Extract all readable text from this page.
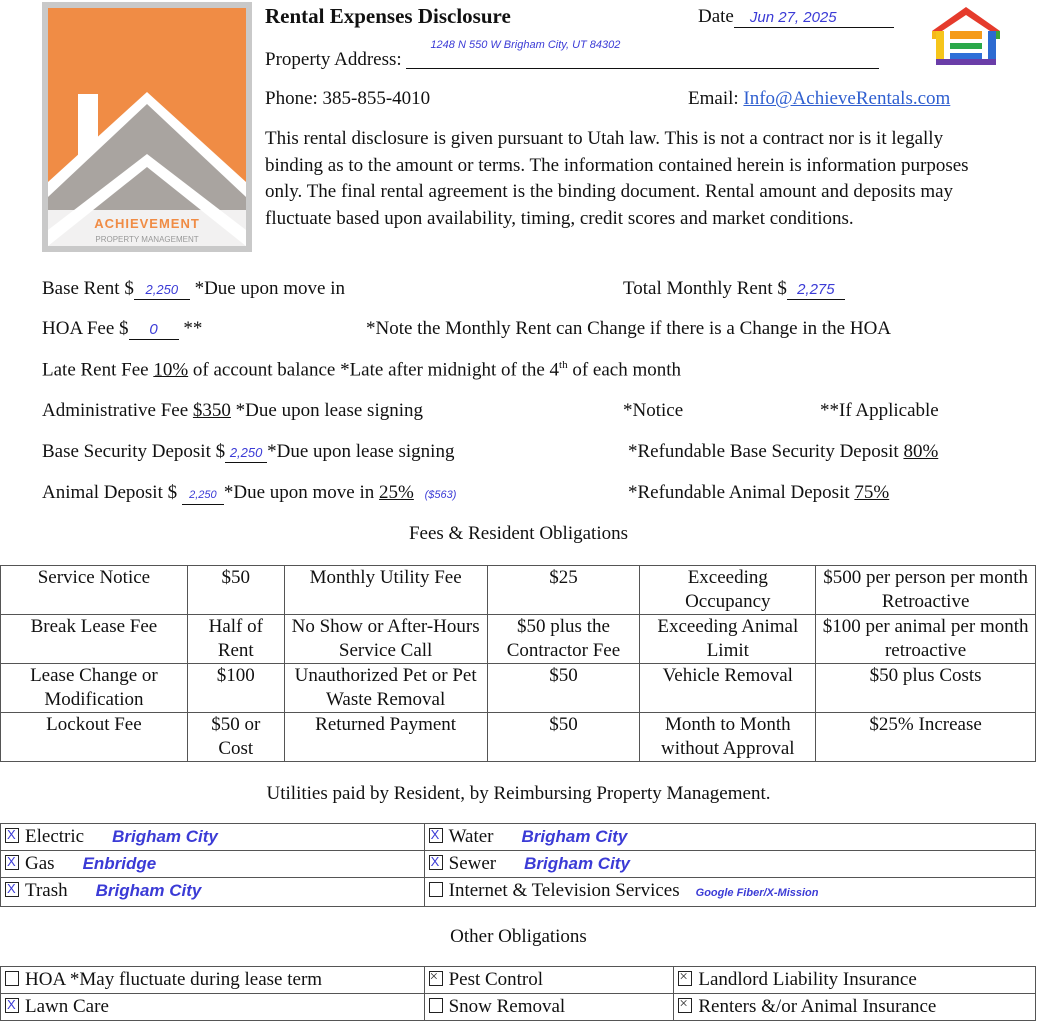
ACHIEVEMENT
PROPERTY MANAGEMENT
Rental Expenses Disclosure	Date Jun 27, 2025
Property Address:
1248 N 550 W Brigham City, UT 84302
Phone: 385-855-4010	Email: Info@AchieveRentals.com
This rental disclosure is given pursuant to Utah law. This is not a contract nor is it legally binding as to the amount or terms. The information contained herein is information purposes only. The final rental agreement is the binding document. Rental amount and deposits may fluctuate based upon availability, timing, credit scores and market conditions.
Base Rent $ 2,250 *Due upon move in	Total Monthly Rent $ 2,275
HOA Fee $ 0 **	*Note the Monthly Rent can Change if there is a Change in the HOA
Late Rent Fee 10% of account balance *Late after midnight of the 4th of each month
Administrative Fee $350 *Due upon lease signing	*Notice	**If Applicable
Base Security Deposit $ 2,250 *Due upon lease signing	*Refundable Base Security Deposit 80%
Animal Deposit $ 2,250 *Due upon move in 25% ($563)	*Refundable Animal Deposit 75%
Fees & Resident Obligations
Service Notice	$50	Monthly Utility Fee	$25	Exceeding Occupancy	$500 per person per month Retroactive
Break Lease Fee	Half of Rent	No Show or After-Hours Service Call	$50 plus the Contractor Fee	Exceeding Animal Limit	$100 per animal per month retroactive
Lease Change or Modification	$100	Unauthorized Pet or Pet Waste Removal	$50	Vehicle Removal	$50 plus Costs
Lockout Fee	$50 or Cost	Returned Payment	$50	Month to Month without Approval	$25% Increase
Utilities paid by Resident, by Reimbursing Property Management.
XElectric Brigham City	XWater Brigham City
XGas Enbridge	XSewer Brigham City
XTrash Brigham City	Internet & Television Services Google Fiber/X-Mission
Other Obligations
HOA *May fluctuate during lease term	×Pest Control	×Landlord Liability Insurance
XLawn Care	Snow Removal	×Renters &/or Animal Insurance
